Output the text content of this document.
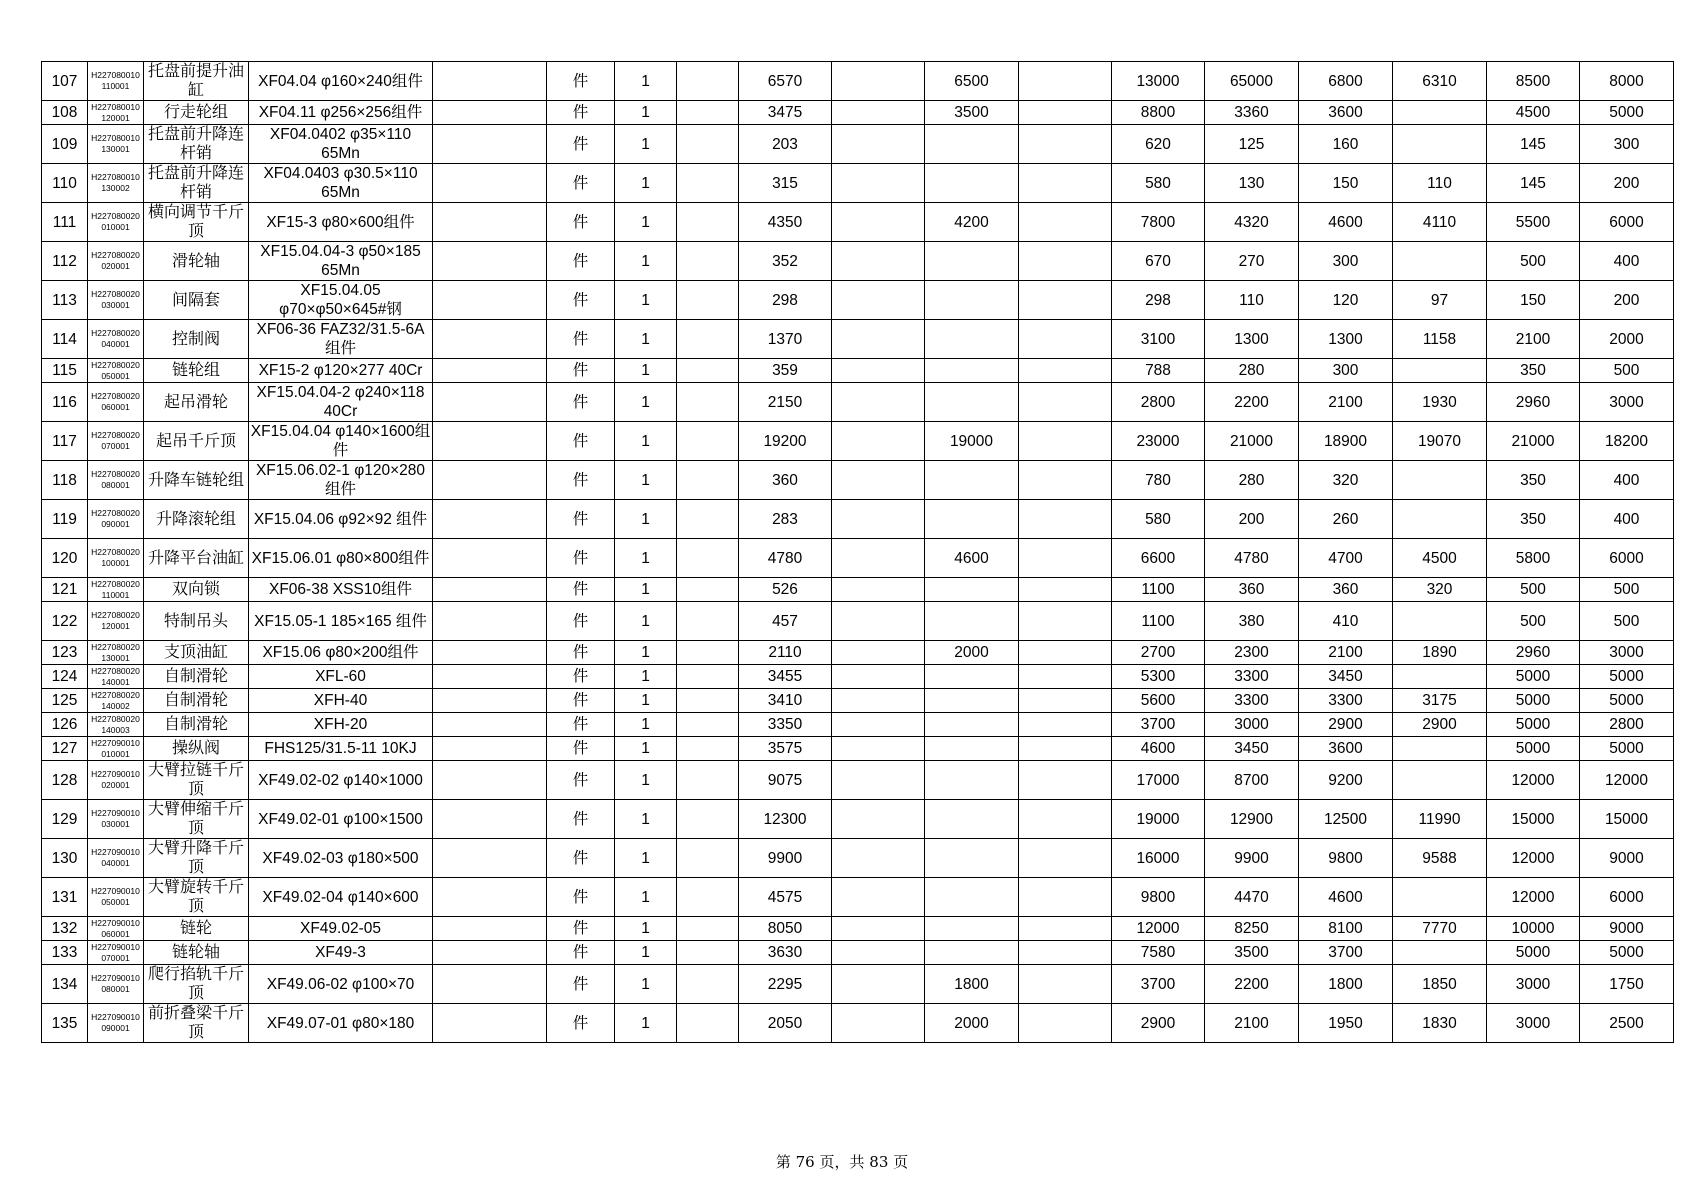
107	H227080010110001	托盘前提升油缸	XF04.04 φ160×240组件		件	1		6570		6500		13000	65000	6800	6310	8500	8000
108	H227080010120001	行走轮组	XF04.11 φ256×256组件		件	1		3475		3500		8800	3360	3600		4500	5000
109	H227080010130001	托盘前升降连杆销	XF04.0402 φ35×110 65Mn		件	1		203				620	125	160		145	300
110	H227080010130002	托盘前升降连杆销	XF04.0403 φ30.5×110 65Mn		件	1		315				580	130	150	110	145	200
111	H227080020010001	横向调节千斤顶	XF15-3 φ80×600组件		件	1		4350		4200		7800	4320	4600	4110	5500	6000
112	H227080020020001	滑轮轴	XF15.04.04-3 φ50×185 65Mn		件	1		352				670	270	300		500	400
113	H227080020030001	间隔套	XF15.04.05 φ70×φ50×645#钢		件	1		298				298	110	120	97	150	200
114	H227080020040001	控制阀	XF06-36 FAZ32/31.5-6A组件		件	1		1370				3100	1300	1300	1158	2100	2000
115	H227080020050001	链轮组	XF15-2 φ120×277 40Cr		件	1		359				788	280	300		350	500
116	H227080020060001	起吊滑轮	XF15.04.04-2 φ240×118 40Cr		件	1		2150				2800	2200	2100	1930	2960	3000
117	H227080020070001	起吊千斤顶	XF15.04.04 φ140×1600组件		件	1		19200		19000		23000	21000	18900	19070	21000	18200
118	H227080020080001	升降车链轮组	XF15.06.02-1 φ120×280组件		件	1		360				780	280	320		350	400
119	H227080020090001	升降滚轮组	XF15.04.06 φ92×92 组件		件	1		283				580	200	260		350	400
120	H227080020100001	升降平台油缸	XF15.06.01 φ80×800组件		件	1		4780		4600		6600	4780	4700	4500	5800	6000
121	H227080020110001	双向锁	XF06-38 XSS10组件		件	1		526				1100	360	360	320	500	500
122	H227080020120001	特制吊头	XF15.05-1 185×165 组件		件	1		457				1100	380	410		500	500
123	H227080020130001	支顶油缸	XF15.06 φ80×200组件		件	1		2110		2000		2700	2300	2100	1890	2960	3000
124	H227080020140001	自制滑轮	XFL-60		件	1		3455				5300	3300	3450		5000	5000
125	H227080020140002	自制滑轮	XFH-40		件	1		3410				5600	3300	3300	3175	5000	5000
126	H227080020140003	自制滑轮	XFH-20		件	1		3350				3700	3000	2900	2900	5000	2800
127	H227090010010001	操纵阀	FHS125/31.5-11 10KJ		件	1		3575				4600	3450	3600		5000	5000
128	H227090010020001	大臂拉链千斤顶	XF49.02-02 φ140×1000		件	1		9075				17000	8700	9200		12000	12000
129	H227090010030001	大臂伸缩千斤顶	XF49.02-01 φ100×1500		件	1		12300				19000	12900	12500	11990	15000	15000
130	H227090010040001	大臂升降千斤顶	XF49.02-03 φ180×500		件	1		9900				16000	9900	9800	9588	12000	9000
131	H227090010050001	大臂旋转千斤顶	XF49.02-04 φ140×600		件	1		4575				9800	4470	4600		12000	6000
132	H227090010060001	链轮	XF49.02-05		件	1		8050				12000	8250	8100	7770	10000	9000
133	H227090010070001	链轮轴	XF49-3		件	1		3630				7580	3500	3700		5000	5000
134	H227090010080001	爬行掐轨千斤顶	XF49.06-02 φ100×70		件	1		2295		1800		3700	2200	1800	1850	3000	1750
135	H227090010090001	前折叠梁千斤顶	XF49.07-01 φ80×180		件	1		2050		2000		2900	2100	1950	1830	3000	2500
第 76 页，共 83 页
